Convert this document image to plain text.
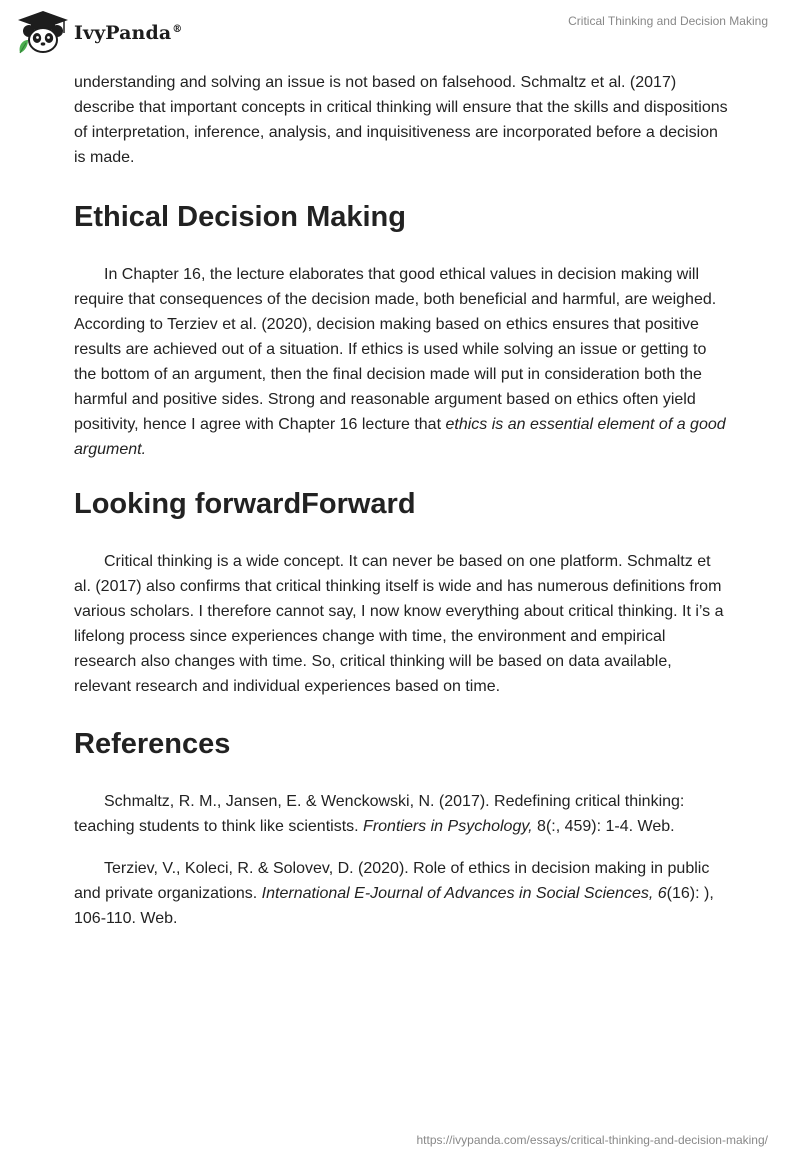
IvyPanda®
Critical Thinking and Decision Making

understanding and solving an issue is not based on falsehood. Schmaltz et al. (2017) describe that important concepts in critical thinking will ensure that the skills and dispositions of interpretation, inference, analysis, and inquisitiveness are incorporated before a decision is made.

Ethical Decision Making

In Chapter 16, the lecture elaborates that good ethical values in decision making will require that consequences of the decision made, both beneficial and harmful, are weighed. According to Terziev et al. (2020), decision making based on ethics ensures that positive results are achieved out of a situation. If ethics is used while solving an issue or getting to the bottom of an argument, then the final decision made will put in consideration both the harmful and positive sides. Strong and reasonable argument based on ethics often yield positivity, hence I agree with Chapter 16 lecture that ethics is an essential element of a good argument.

Looking forwardForward

Critical thinking is a wide concept. It can never be based on one platform. Schmaltz et al. (2017) also confirms that critical thinking itself is wide and has numerous definitions from various scholars. I therefore cannot say, I now know everything about critical thinking. It i’s a lifelong process since experiences change with time, the environment and empirical research also changes with time. So, critical thinking will be based on data available, relevant research and individual experiences based on time.

References

Schmaltz, R. M., Jansen, E. & Wenckowski, N. (2017). Redefining critical thinking: teaching students to think like scientists. Frontiers in Psychology, 8(:, 459): 1-4. Web.

Terziev, V., Koleci, R. & Solovev, D. (2020). Role of ethics in decision making in public and private organizations. International E-Journal of Advances in Social Sciences, 6(16): ), 106-110. Web.

https://ivypanda.com/essays/critical-thinking-and-decision-making/
